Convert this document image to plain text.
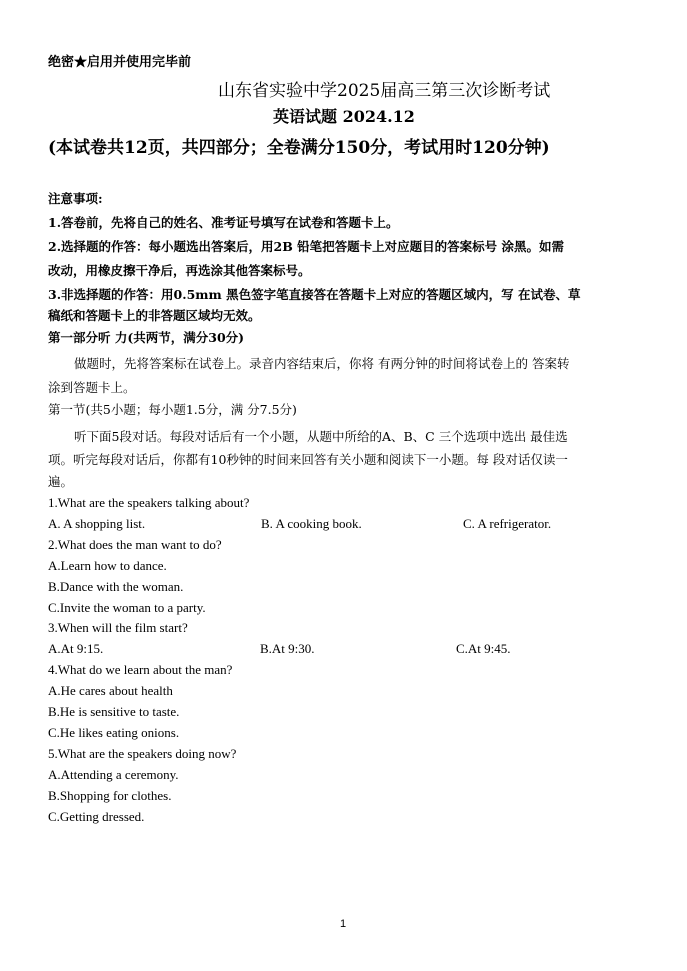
绝密★启用并使用完毕前
山东省实验中学2025届高三第三次诊断考试
英语试题 2024.12
(本试卷共12页，共四部分；全卷满分150分，考试用时120分钟)
注意事项:
1.答卷前，先将自己的姓名、准考证号填写在试卷和答题卡上。
2.选择题的作答：每小题选出答案后，用2B 铅笔把答题卡上对应题目的答案标号 涂黑。如需
改动，用橡皮擦干净后，再选涂其他答案标号。
3.非选择题的作答：用0.5mm 黑色签字笔直接答在答题卡上对应的答题区域内，写 在试卷、草
稿纸和答题卡上的非答题区域均无效。
第一部分听 力(共两节，满分30分)
做题时，先将答案标在试卷上。录音内容结束后，你将 有两分钟的时间将试卷上的 答案转
涂到答题卡上。
第一节(共5小题；每小题1.5分，满 分7.5分)
听下面5段对话。每段对话后有一个小题，从题中所给的A、B、C 三个选项中选出 最佳选
项。听完每段对话后，你都有10秒钟的时间来回答有关小题和阅读下一小题。每 段对话仅读一
遍。
1.What are the speakers talking about?
A. A shopping list.	B. A cooking book.	C. A refrigerator.
2.What does the man want to do?
A.Learn how to dance.
B.Dance with the woman.
C.Invite the woman to a party.
3.When will the film start?
A.At 9:15.	B.At 9:30.	C.At 9:45.
4.What do we learn about the man?
A.He cares about health
B.He is sensitive to taste.
C.He likes eating onions.
5.What are the speakers doing now?
A.Attending a ceremony.
B.Shopping for clothes.
C.Getting dressed.
1
